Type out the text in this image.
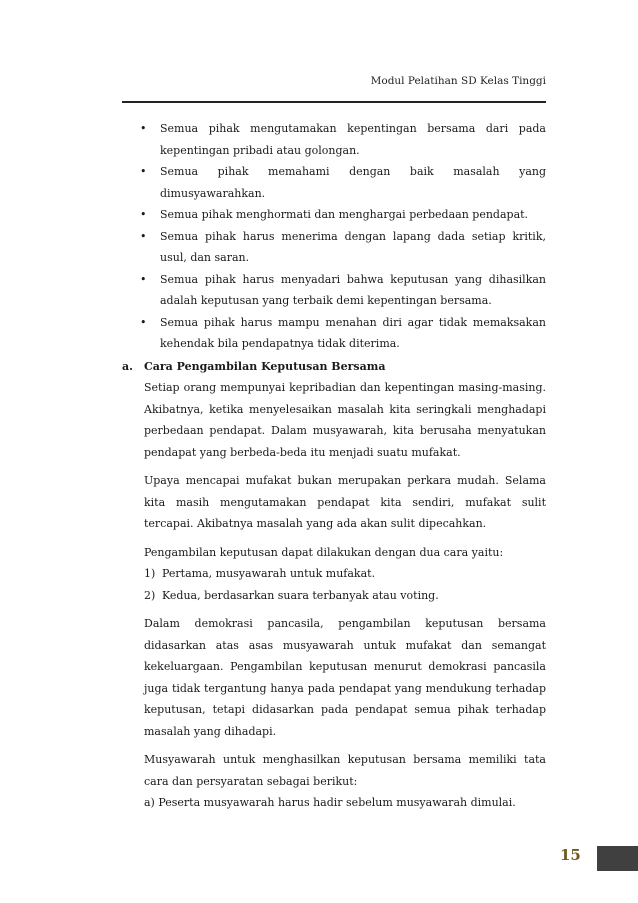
Modul Pelatihan SD Kelas Tinggi
• Semua pihak mengutamakan kepentingan bersama dari pada kepentingan pribadi atau golongan.
• Semua pihak memahami dengan baik masalah yang dimusyawarahkan.
• Semua pihak menghormati dan menghargai perbedaan pendapat.
• Semua pihak harus menerima dengan lapang dada setiap kritik, usul, dan saran.
• Semua pihak harus menyadari bahwa keputusan yang dihasilkan adalah keputusan yang terbaik demi kepentingan bersama.
• Semua pihak harus mampu menahan diri agar tidak memaksakan kehendak bila pendapatnya tidak diterima.
a.	Cara Pengambilan Keputusan Bersama

Setiap orang mempunyai kepribadian dan kepentingan masing-masing. Akibatnya, ketika menyelesaikan masalah kita seringkali menghadapi perbedaan pendapat. Dalam musyawarah, kita berusaha menyatukan pendapat yang berbeda-beda itu menjadi suatu mufakat.

Upaya mencapai mufakat bukan merupakan perkara mudah. Selama kita masih mengutamakan pendapat kita sendiri, mufakat sulit tercapai. Akibatnya masalah yang ada akan sulit dipecahkan.

Pengambilan keputusan dapat dilakukan dengan dua cara yaitu:
1) Pertama, musyawarah untuk mufakat.
2) Kedua, berdasarkan suara terbanyak atau voting.

Dalam demokrasi pancasila, pengambilan keputusan bersama didasarkan atas asas musyawarah untuk mufakat dan semangat kekeluargaan. Pengambilan keputusan menurut demokrasi pancasila juga tidak tergantung hanya pada pendapat yang mendukung terhadap keputusan, tetapi didasarkan pada pendapat semua pihak terhadap masalah yang dihadapi.

Musyawarah untuk menghasilkan keputusan bersama memiliki tata cara dan persyaratan sebagai berikut:

a) Peserta musyawarah harus hadir sebelum musyawarah dimulai.

15
